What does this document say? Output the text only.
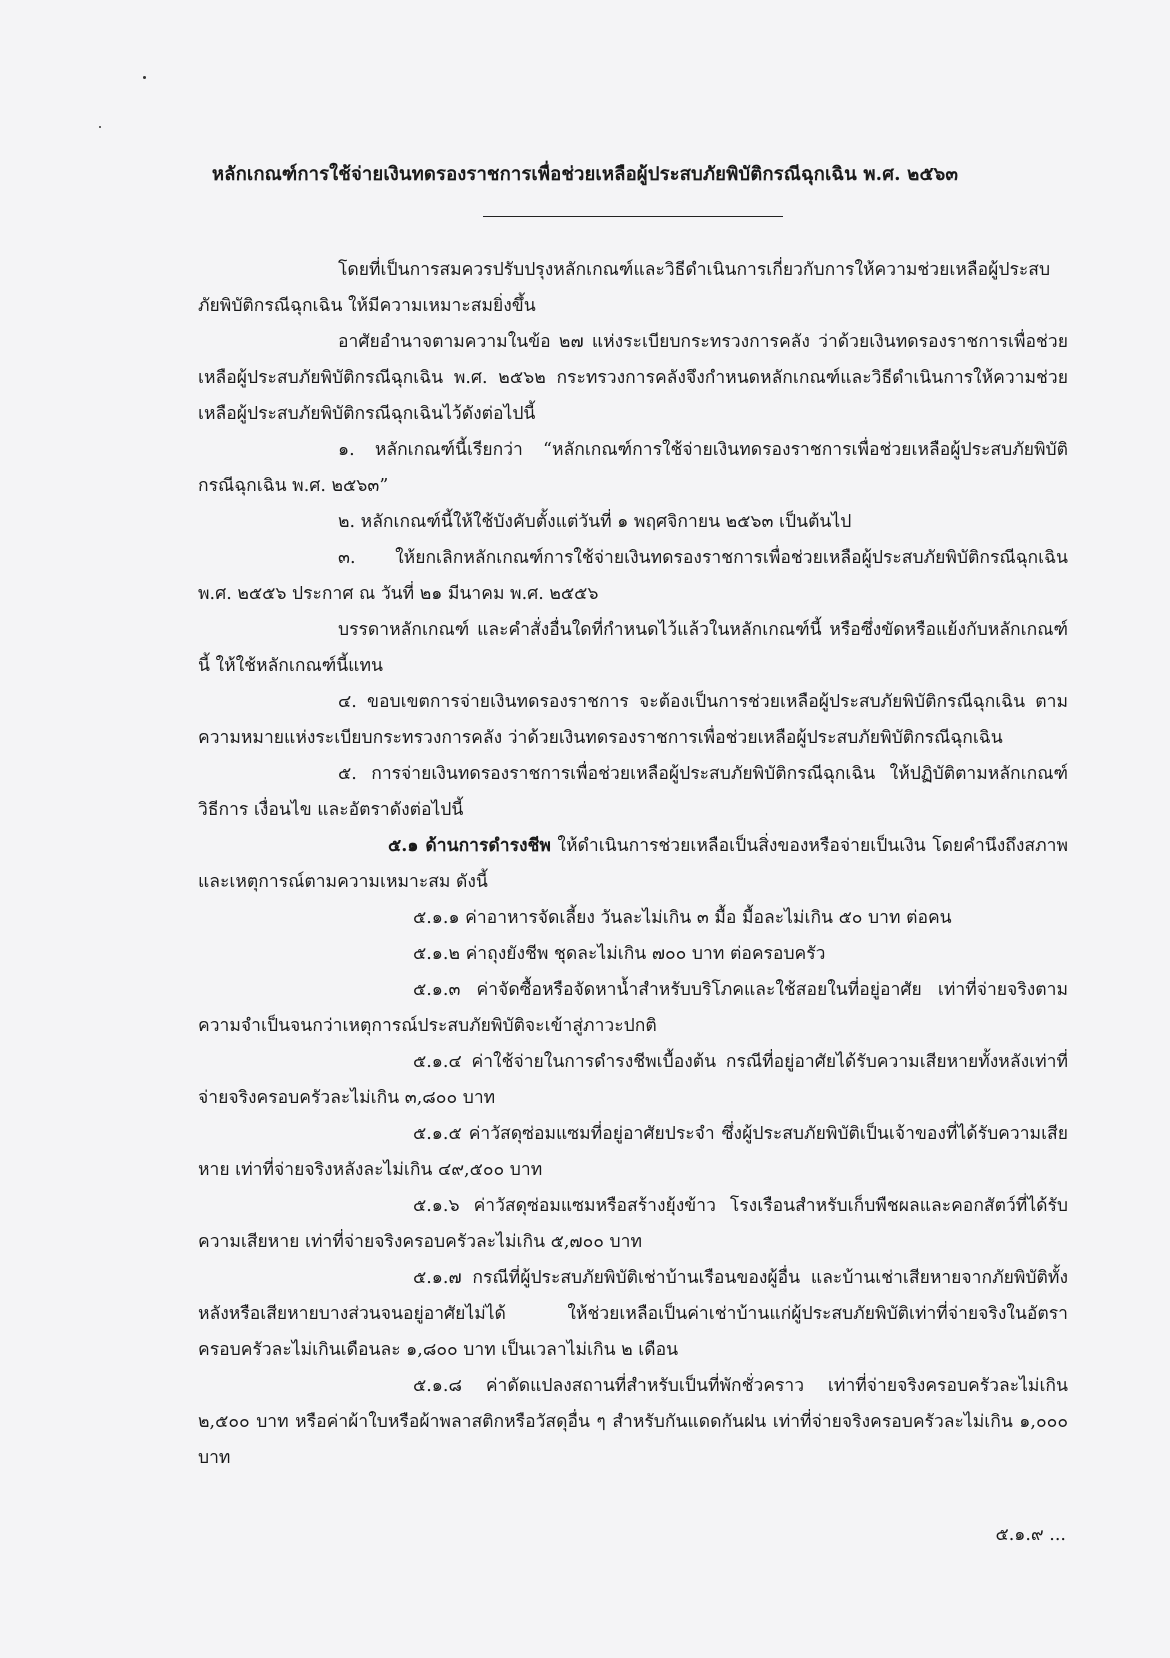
หลักเกณฑ์การใช้จ่ายเงินทดรองราชการเพื่อช่วยเหลือผู้ประสบภัยพิบัติกรณีฉุกเฉิน พ.ศ. ๒๕๖๓

โดยที่เป็นการสมควรปรับปรุงหลักเกณฑ์และวิธีดำเนินการเกี่ยวกับการให้ความช่วยเหลือผู้ประสบภัยพิบัติกรณีฉุกเฉิน ให้มีความเหมาะสมยิ่งขึ้น

อาศัยอำนาจตามความในข้อ ๒๗ แห่งระเบียบกระทรวงการคลัง ว่าด้วยเงินทดรองราชการเพื่อช่วยเหลือผู้ประสบภัยพิบัติกรณีฉุกเฉิน พ.ศ. ๒๕๖๒ กระทรวงการคลังจึงกำหนดหลักเกณฑ์และวิธีดำเนินการให้ความช่วยเหลือผู้ประสบภัยพิบัติกรณีฉุกเฉินไว้ดังต่อไปนี้

๑. หลักเกณฑ์นี้เรียกว่า “หลักเกณฑ์การใช้จ่ายเงินทดรองราชการเพื่อช่วยเหลือผู้ประสบภัยพิบัติกรณีฉุกเฉิน พ.ศ. ๒๕๖๓”

๒. หลักเกณฑ์นี้ให้ใช้บังคับตั้งแต่วันที่ ๑ พฤศจิกายน ๒๕๖๓ เป็นต้นไป

๓. ให้ยกเลิกหลักเกณฑ์การใช้จ่ายเงินทดรองราชการเพื่อช่วยเหลือผู้ประสบภัยพิบัติกรณีฉุกเฉิน พ.ศ. ๒๕๕๖ ประกาศ ณ วันที่ ๒๑ มีนาคม พ.ศ. ๒๕๕๖

บรรดาหลักเกณฑ์ และคำสั่งอื่นใดที่กำหนดไว้แล้วในหลักเกณฑ์นี้ หรือซึ่งขัดหรือแย้งกับหลักเกณฑ์นี้ ให้ใช้หลักเกณฑ์นี้แทน

๔. ขอบเขตการจ่ายเงินทดรองราชการ จะต้องเป็นการช่วยเหลือผู้ประสบภัยพิบัติกรณีฉุกเฉิน ตามความหมายแห่งระเบียบกระทรวงการคลัง ว่าด้วยเงินทดรองราชการเพื่อช่วยเหลือผู้ประสบภัยพิบัติกรณีฉุกเฉิน

๕. การจ่ายเงินทดรองราชการเพื่อช่วยเหลือผู้ประสบภัยพิบัติกรณีฉุกเฉิน ให้ปฏิบัติตามหลักเกณฑ์ วิธีการ เงื่อนไข และอัตราดังต่อไปนี้

๕.๑ ด้านการดำรงชีพ ให้ดำเนินการช่วยเหลือเป็นสิ่งของหรือจ่ายเป็นเงิน โดยคำนึงถึงสภาพและเหตุการณ์ตามความเหมาะสม ดังนี้

๕.๑.๑ ค่าอาหารจัดเลี้ยง วันละไม่เกิน ๓ มื้อ มื้อละไม่เกิน ๕๐ บาท ต่อคน

๕.๑.๒ ค่าถุงยังชีพ ชุดละไม่เกิน ๗๐๐ บาท ต่อครอบครัว

๕.๑.๓ ค่าจัดซื้อหรือจัดหาน้ำสำหรับบริโภคและใช้สอยในที่อยู่อาศัย เท่าที่จ่ายจริงตามความจำเป็นจนกว่าเหตุการณ์ประสบภัยพิบัติจะเข้าสู่ภาวะปกติ

๕.๑.๔ ค่าใช้จ่ายในการดำรงชีพเบื้องต้น กรณีที่อยู่อาศัยได้รับความเสียหายทั้งหลังเท่าที่จ่ายจริงครอบครัวละไม่เกิน ๓,๘๐๐ บาท

๕.๑.๕ ค่าวัสดุซ่อมแซมที่อยู่อาศัยประจำ ซึ่งผู้ประสบภัยพิบัติเป็นเจ้าของที่ได้รับความเสียหาย เท่าที่จ่ายจริงหลังละไม่เกิน ๔๙,๕๐๐ บาท

๕.๑.๖ ค่าวัสดุซ่อมแซมหรือสร้างยุ้งข้าว โรงเรือนสำหรับเก็บพืชผลและคอกสัตว์ที่ได้รับความเสียหาย เท่าที่จ่ายจริงครอบครัวละไม่เกิน ๕,๗๐๐ บาท

๕.๑.๗ กรณีที่ผู้ประสบภัยพิบัติเช่าบ้านเรือนของผู้อื่น และบ้านเช่าเสียหายจากภัยพิบัติทั้งหลังหรือเสียหายบางส่วนจนอยู่อาศัยไม่ได้ ให้ช่วยเหลือเป็นค่าเช่าบ้านแก่ผู้ประสบภัยพิบัติเท่าที่จ่ายจริงในอัตราครอบครัวละไม่เกินเดือนละ ๑,๘๐๐ บาท เป็นเวลาไม่เกิน ๒ เดือน

๕.๑.๘ ค่าดัดแปลงสถานที่สำหรับเป็นที่พักชั่วคราว เท่าที่จ่ายจริงครอบครัวละไม่เกิน ๒,๕๐๐ บาท หรือค่าผ้าใบหรือผ้าพลาสติกหรือวัสดุอื่น ๆ สำหรับกันแดดกันฝน เท่าที่จ่ายจริงครอบครัวละไม่เกิน ๑,๐๐๐ บาท

๕.๑.๙ ...
